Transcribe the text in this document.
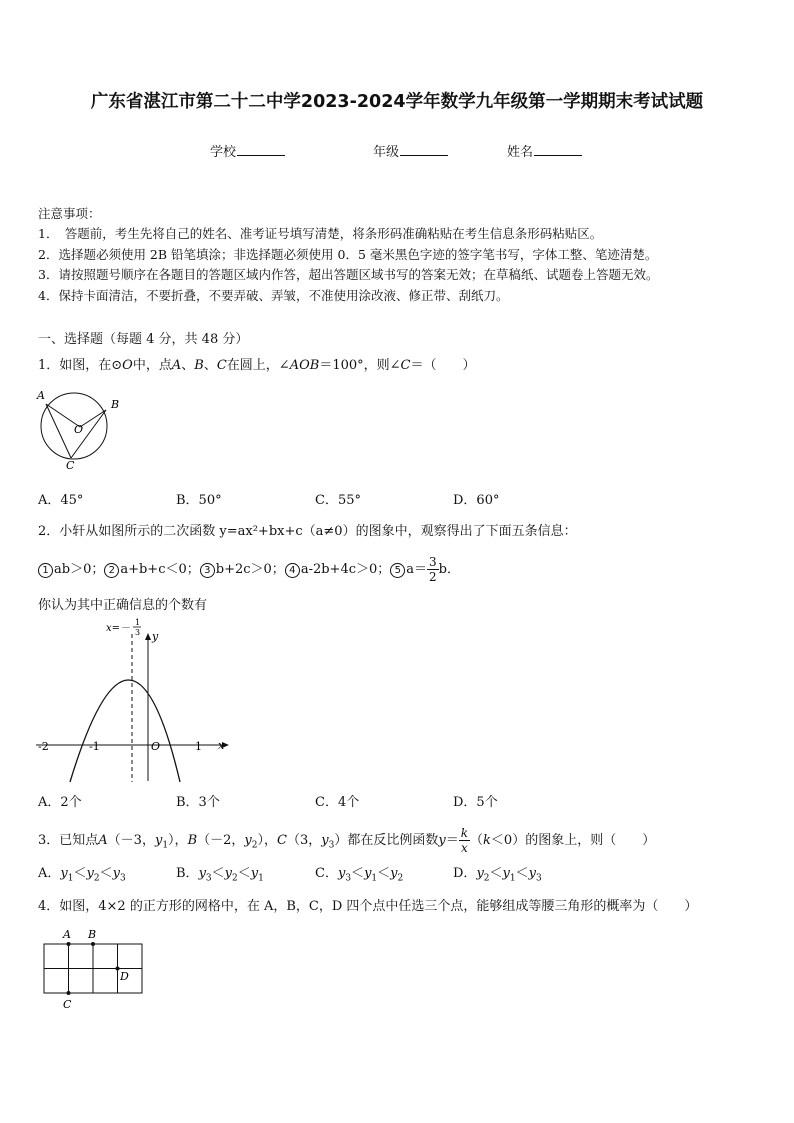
广东省湛江市第二十二中学2023-2024学年数学九年级第一学期期末考试试题
学校	年级	姓名
注意事项：
1．　答题前，考生先将自己的姓名、准考证号填写清楚，将条形码准确粘贴在考生信息条形码粘贴区。
2．选择题必须使用 2B 铅笔填涂；非选择题必须使用 0．5 毫米黑色字迹的签字笔书写，字体工整、笔迹清楚。
3．请按照题号顺序在各题目的答题区域内作答，超出答题区域书写的答案无效；在草稿纸、试题卷上答题无效。
4．保持卡面清洁，不要折叠，不要弄破、弄皱，不准使用涂改液、修正带、刮纸刀。
一、选择题（每题 4 分，共 48 分）
1．如图，在⊙O中，点A、B、C在圆上，∠AOB＝100°，则∠C＝（　　）
A
B
O
C
A．45°	B．50°	C．55°	D．60°
2．小轩从如图所示的二次函数 y=ax²+bx+c（a≠0）的图象中，观察得出了下面五条信息：
1 ab＞0； 2 a+b+c＜0； 3 b+2c＞0； 4 a-2b+4c＞0； 5 $a= \frac{3}{2}$ b．
你认为其中正确信息的个数有
-2	-1	1
O	x
y
x=－
1
3
A．2个	B．3个	C．4个	D．5个
3．已知点A（－3，$y_1$），B（－2，$y_2$），C（3，$y_3$）都在反比例函数$y= \frac{k}{x} (k<0)$的图象上，则（　　）
A．$y_1<y_2<y_3$	B．$y_3<y_2<y_1$	C．$y_3<y_1<y_2$	D．$y_2<y_1<y_3$
4．如图，4×2 的正方形的网格中，在 A，B，C，D 四个点中任选三个点，能够组成等腰三角形的概率为（　　）
A B
C
D
